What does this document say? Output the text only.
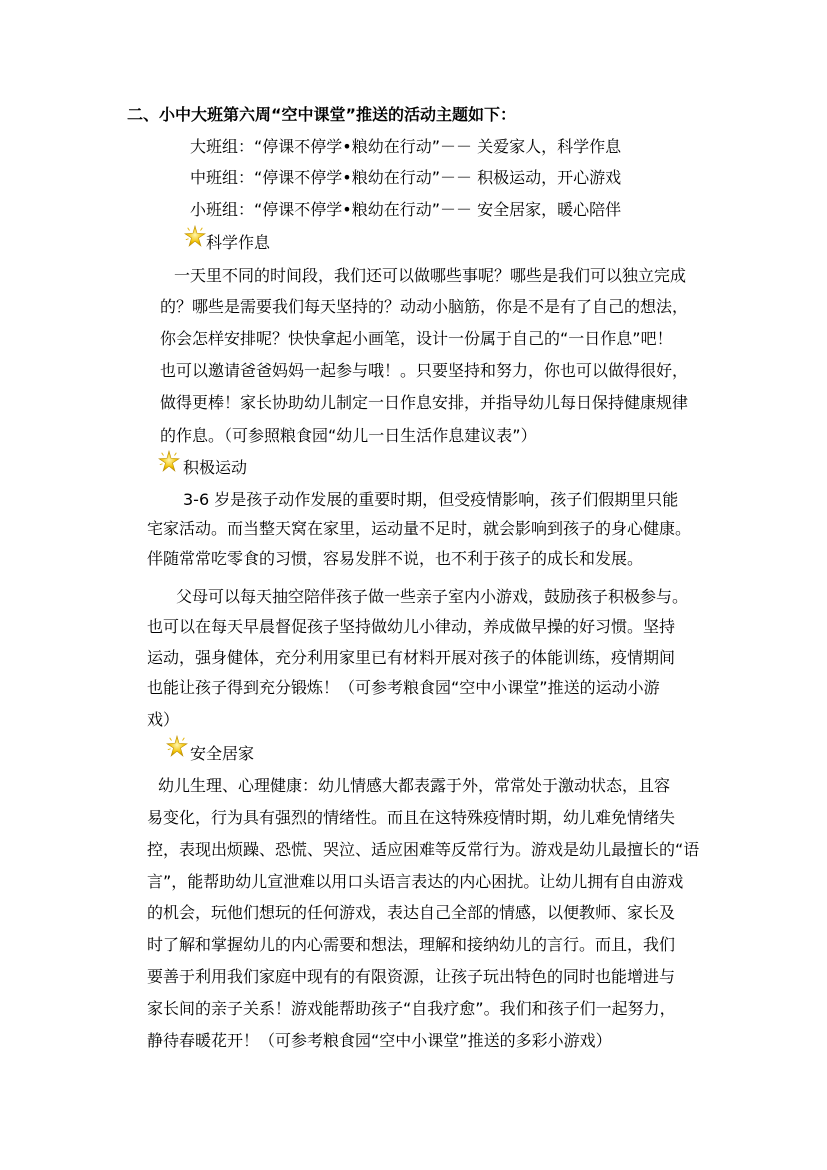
二、小中大班第六周“空中课堂”推送的活动主题如下：
大班组：“停课不停学•粮幼在行动”－－ 关爱家人，科学作息
中班组：“停课不停学•粮幼在行动”－－ 积极运动，开心游戏
小班组：“停课不停学•粮幼在行动”－－ 安全居家，暖心陪伴
科学作息
一天里不同的时间段，我们还可以做哪些事呢？哪些是我们可以独立完成
的？哪些是需要我们每天坚持的？动动小脑筋，你是不是有了自己的想法，
你会怎样安排呢？快快拿起小画笔，设计一份属于自己的“一日作息”吧！
也可以邀请爸爸妈妈一起参与哦！。只要坚持和努力，你也可以做得很好，
做得更棒！家长协助幼儿制定一日作息安排，并指导幼儿每日保持健康规律
的作息。（可参照粮食园“幼儿一日生活作息建议表”）
积极运动
3-6 岁是孩子动作发展的重要时期，但受疫情影响，孩子们假期里只能
宅家活动。而当整天窝在家里，运动量不足时，就会影响到孩子的身心健康。
伴随常常吃零食的习惯，容易发胖不说，也不利于孩子的成长和发展。
父母可以每天抽空陪伴孩子做一些亲子室内小游戏，鼓励孩子积极参与。
也可以在每天早晨督促孩子坚持做幼儿小律动，养成做早操的好习惯。坚持
运动，强身健体，充分利用家里已有材料开展对孩子的体能训练，疫情期间
也能让孩子得到充分锻炼！（可参考粮食园“空中小课堂”推送的运动小游
戏）
安全居家
幼儿生理、心理健康：幼儿情感大都表露于外，常常处于激动状态，且容
易变化，行为具有强烈的情绪性。而且在这特殊疫情时期，幼儿难免情绪失
控，表现出烦躁、恐慌、哭泣、适应困难等反常行为。游戏是幼儿最擅长的“语
言”，能帮助幼儿宣泄难以用口头语言表达的内心困扰。让幼儿拥有自由游戏
的机会，玩他们想玩的任何游戏，表达自己全部的情感，以便教师、家长及
时了解和掌握幼儿的内心需要和想法，理解和接纳幼儿的言行。而且，我们
要善于利用我们家庭中现有的有限资源，让孩子玩出特色的同时也能增进与
家长间的亲子关系！游戏能帮助孩子“自我疗愈”。我们和孩子们一起努力，
静待春暖花开！（可参考粮食园“空中小课堂”推送的多彩小游戏）
